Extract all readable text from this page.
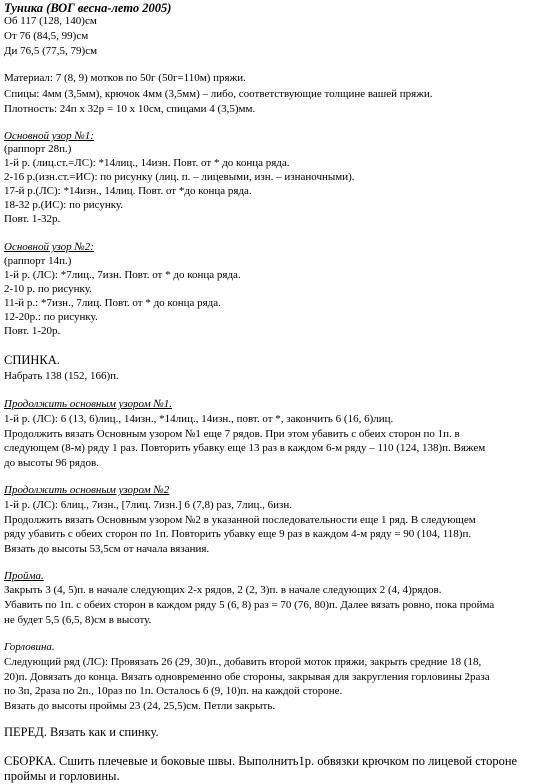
Туника (ВОГ весна-лето 2005)
Об 117 (128, 140)см
От 76 (84,5, 99)см
Ди 76,5 (77,5, 79)см
Материал: 7 (8, 9) мотков по 50г (50г=110м) пряжи.
Спицы: 4мм (3,5мм), крючок 4мм (3,5мм) – либо, соответствующие толщине вашей пряжи.
Плотность: 24п х 32р = 10 х 10см, спицами 4 (3,5)мм.
Основной узор №1:
(раппорт 28п.)
1-й р. (лиц.ст.=ЛС): *14лиц., 14изн. Повт. от * до конца ряда.
2-16 р.(изн.ст.=ИС): по рисунку (лиц. п. – лицевыми, изн. – изнаночными).
17-й р.(ЛС): *14изн., 14лиц. Повт. от *до конца ряда.
18-32 р.(ИС): по рисунку.
Повт. 1-32р.
Основной узор №2:
(раппорт 14п.)
1-й р. (ЛС): *7лиц., 7изн. Повт. от * до конца ряда.
2-10 р. по рисунку.
11-й р.: *7изн., 7лиц. Повт. от * до конца ряда.
12-20р.: по рисунку.
Повт. 1-20р.
СПИНКА.
Набрать 138 (152, 166)п.
Продолжить основным узором №1.
1-й р. (ЛС): 6 (13, 6)лиц., 14изн., *14лиц., 14изн., повт. от *, закончить 6 (16, 6)лиц.
Продолжить вязать Основным узором №1 еще 7 рядов. При этом убавить с обеих сторон по 1п. в
следующем (8-м) ряду 1 раз. Повторить убавку еще 13 раз в каждом 6-м ряду – 110 (124, 138)п. Вяжем
до высоты 96 рядов.
Продолжить основным узором №2
1-й р. (ЛС): 6лиц., 7изн., [7лиц. 7изн.] 6 (7,8) раз, 7лиц., 6изн.
Продолжить вязать Основным узором №2 в указанной последовательности еще 1 ряд. В следующем
ряду убавить с обеих сторон по 1п. Повторить убавку еще 9 раз в каждом 4-м ряду = 90 (104, 118)п.
Вязать до высоты 53,5см от начала вязания.
Пройма.
Закрыть 3 (4, 5)п. в начале следующих 2-х рядов, 2 (2, 3)п. в начале следующих 2 (4, 4)рядов.
Убавить по 1п. с обеих сторон в каждом ряду 5 (6, 8) раз = 70 (76, 80)п. Далее вязать ровно, пока пройма
не будет 5,5 (6,5, 8)см в высоту.
Горловина.
Следующий ряд (ЛС): Провязать 26 (29, 30)п., добавить второй моток пряжи, закрыть средние 18 (18,
20)п. Довязать до конца. Вязать одновременно обе стороны, закрывая для закругления горловины 2раза
по 3п, 2раза по 2п., 10раз по 1п. Осталось 6 (9, 10)п. на каждой стороне.
Вязать до высоты проймы 23 (24, 25,5)см. Петли закрыть.
ПЕРЕД. Вязать как и спинку.
СБОРКА. Сшить плечевые и боковые швы. Выполнить1р. обвязки крючком по лицевой стороне
проймы и горловины.
